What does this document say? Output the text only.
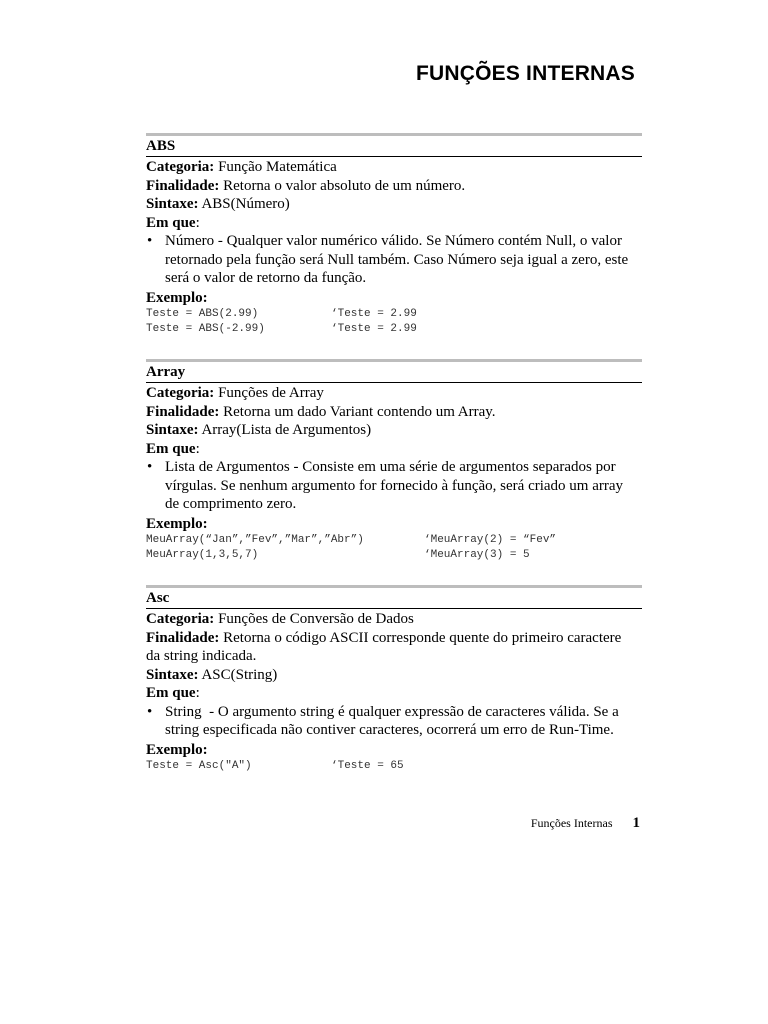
FUNÇÕES INTERNAS
ABS
Categoria: Função Matemática
Finalidade: Retorna o valor absoluto de um número.
Sintaxe: ABS(Número)
Em que:
• Número - Qualquer valor numérico válido. Se Número contém Null, o valor
retornado pela função será Null também. Caso Número seja igual a zero, este
será o valor de retorno da função.
Exemplo:

Teste = ABS(2.99)

	‘Teste = 2.99

Teste = ABS(-2.99)

	‘Teste = 2.99

Array
Categoria: Funções de Array
Finalidade: Retorna um dado Variant contendo um Array.
Sintaxe: Array(Lista de Argumentos)
Em que:
• Lista de Argumentos - Consiste em uma série de argumentos separados por
vírgulas. Se nenhum argumento for fornecido à função, será criado um array
de comprimento zero.
Exemplo:

MeuArray(“Jan”,”Fev”,”Mar”,”Abr”)

	‘MeuArray(2) = “Fev”

MeuArray(1,3,5,7)

	‘MeuArray(3) = 5

Asc
Categoria: Funções de Conversão de Dados
Finalidade: Retorna o código ASCII corresponde quente do primeiro caractere
da string indicada.
Sintaxe: ASC(String)
Em que:
• String  - O argumento string é qualquer expressão de caracteres válida. Se a
string especificada não contiver caracteres, ocorrerá um erro de Run-Time.
Exemplo:

Teste = Asc("A")

	‘Teste = 65

Funções Internas 1
